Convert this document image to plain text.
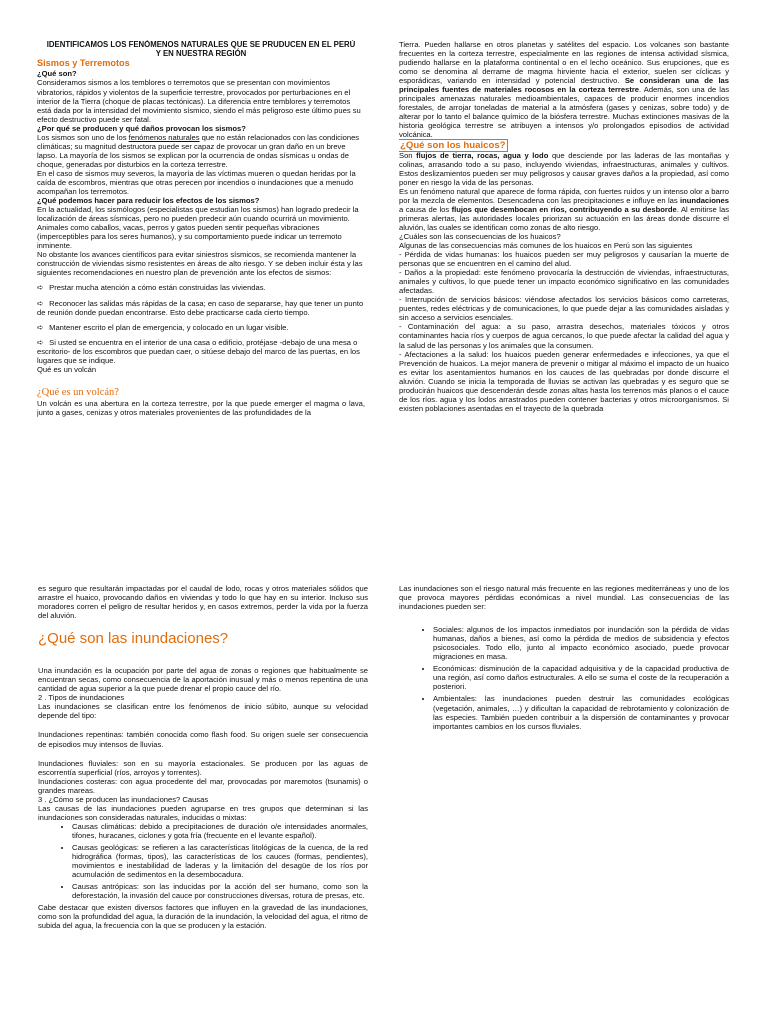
IDENTIFICAMOS LOS FENÓMENOS NATURALES QUE SE PRUDUCEN EN EL PERÚ Y EN NUESTRA REGIÓN

Sismos y Terremotos

¿Qué son?

Consideramos sismos a los temblores o terremotos que se presentan con movimientos vibratorios, rápidos y violentos de la superficie terrestre, provocados por perturbaciones en el interior de la Tierra (choque de placas tectónicas). La diferencia entre temblores y terremotos está dada por la intensidad del movimiento sísmico, siendo el más peligroso este último pues su efecto destructivo puede ser fatal.

¿Por qué se producen y qué daños provocan los sismos?

Los sismos son uno de los fenómenos naturales que no están relacionados con las condiciones climáticas; su magnitud destructora puede ser capaz de provocar un gran daño en un breve lapso. La mayoría de los sismos se explican por la ocurrencia de ondas sísmicas u ondas de choque, generadas por disturbios en la corteza terrestre.

En el caso de sismos muy severos, la mayoría de las víctimas mueren o quedan heridas por la caída de escombros, mientras que otras perecen por incendios o inundaciones que a menudo acompañan los terremotos.

¿Qué podemos hacer para reducir los efectos de los sismos?

En la actualidad, los sismólogos (especialistas que estudian los sismos) han logrado predecir la localización de áreas sísmicas, pero no pueden predecir aún cuando ocurrirá un movimiento. Animales como caballos, vacas, perros y gatos pueden sentir pequeñas vibraciones (imperceptibles para los seres humanos), y su comportamiento puede indicar un terremoto inminente.

No obstante los avances científicos para evitar siniestros sísmicos, se recomienda mantener la construcción de viviendas sismo resistentes en áreas de alto riesgo. Y se deben incluir ésta y las siguientes recomendaciones en nuestro plan de prevención ante los efectos de sismos:

➪ Prestar mucha atención a cómo están construidas las viviendas.

➪ Reconocer las salidas más rápidas de la casa; en caso de separarse, hay que tener un punto de reunión donde puedan encontrarse. Esto debe practicarse cada cierto tiempo.

➪ Mantener escrito el plan de emergencia, y colocado en un lugar visible.

➪ Si usted se encuentra en el interior de una casa o edificio, protéjase -debajo de una mesa o escritorio- de los escombros que puedan caer, o sitúese debajo del marco de las puertas, en los lugares que se indique.

Qué es un volcán

¿Qué es un volcán?

Un volcán es una abertura en la corteza terrestre, por la que puede emerger el magma o lava, junto a gases, cenizas y otros materiales provenientes de las profundidades de la

Tierra. Pueden hallarse en otros planetas y satélites del espacio. Los volcanes son bastante frecuentes en la corteza terrestre, especialmente en las regiones de intensa actividad sísmica, pudiendo hallarse en la plataforma continental o en el lecho oceánico. Sus erupciones, que es como se denomina al derrame de magma hirviente hacia el exterior, suelen ser cíclicas y esporádicas, variando en intensidad y potencial destructivo. Se consideran una de las principales fuentes de materiales rocosos en la corteza terrestre. Además, son una de las principales amenazas naturales medioambientales, capaces de producir enormes incendios forestales, de arrojar toneladas de material a la atmósfera (gases y cenizas, sobre todo) y de alterar por lo tanto el balance químico de la biósfera terrestre. Muchas extinciones masivas de la historia geológica terrestre se atribuyen a intensos y/o prolongados episodios de actividad volcánica.

¿Qué son los huaicos?

Son flujos de tierra, rocas, agua y lodo que desciende por las laderas de las montañas y colinas, arrasando todo a su paso, incluyendo viviendas, infraestructuras, animales y cultivos. Estos deslizamientos pueden ser muy peligrosos y causar graves daños a la propiedad, así como poner en riesgo la vida de las personas.

Es un fenómeno natural que aparece de forma rápida, con fuertes ruidos y un intenso olor a barro por la mezcla de elementos. Desencadena con las precipitaciones e influye en las inundaciones a causa de los flujos que desembocan en ríos, contribuyendo a su desborde. Al emitirse las primeras alertas, las autoridades locales priorizan su actuación en las áreas donde discurre el aluvión, las cuales se identifican como zonas de alto riesgo.

¿Cuáles son las consecuencias de los huaicos?

Algunas de las consecuencias más comunes de los huaicos en Perú son las siguientes

- Pérdida de vidas humanas: los huaicos pueden ser muy peligrosos y causarían la muerte de personas que se encuentren en el camino del alud.

- Daños a la propiedad: este fenómeno provocaría la destrucción de viviendas, infraestructuras, animales y cultivos, lo que puede tener un impacto económico significativo en las comunidades afectadas.

- Interrupción de servicios básicos: viéndose afectados los servicios básicos como carreteras, puentes, redes eléctricas y de comunicaciones, lo que puede dejar a las comunidades aisladas y sin acceso a servicios esenciales.

- Contaminación del agua: a su paso, arrastra desechos, materiales tóxicos y otros contaminantes hacia ríos y cuerpos de agua cercanos, lo que puede afectar la calidad del agua y la salud de las personas y los animales que la consumen.

- Afectaciones a la salud: los huaicos pueden generar enfermedades e infecciones, ya que el Prevención de huaicos. La mejor manera de prevenir o mitigar al máximo el impacto de un huaico es evitar los asentamientos humanos en los cauces de las quebradas por donde discurre el aluvión. Cuando se inicia la temporada de lluvias se activan las quebradas y es seguro que se producirán huaicos que descenderán desde zonas altas hasta los terrenos más planos o el cauce de los ríos. agua y los lodos arrastrados pueden contener bacterias y otros microorganismos. Si existen poblaciones asentadas en el trayecto de la quebrada

es seguro que resultarán impactadas por el caudal de lodo, rocas y otros materiales sólidos que arrastre el huaico, provocando daños en viviendas y todo lo que hay en su interior. Incluso sus moradores corren el peligro de resultar heridos y, en casos extremos, perder la vida por la fuerza del aluvión.

¿Qué son las inundaciones?

Una inundación es la ocupación por parte del agua de zonas o regiones que habitualmente se encuentran secas, como consecuencia de la aportación inusual y más o menos repentina de una cantidad de agua superior a la que puede drenar el propio cauce del río.

2 . Tipos de inundaciones

Las inundaciones se clasifican entre los fenómenos de inicio súbito, aunque su velocidad depende del tipo:

Inundaciones repentinas: también conocida como flash food. Su origen suele ser consecuencia de episodios muy intensos de lluvias.

Inundaciones fluviales: son en su mayoría estacionales. Se producen por las aguas de escorrentía superficial (ríos, arroyos y torrentes).

Inundaciones costeras: con agua procedente del mar, provocadas por maremotos (tsunamis) o grandes mareas.

3 . ¿Cómo se producen las inundaciones? Causas

Las causas de las inundaciones pueden agruparse en tres grupos que determinan si las inundaciones son consideradas naturales, inducidas o mixtas:

• Causas climáticas: debido a precipitaciones de duración o/e intensidades anormales, tifones, huracanes, ciclones y gota fría (frecuente en el levante español).
• Causas geológicas: se refieren a las características litológicas de la cuenca, de la red hidrográfica (formas, tipos), las características de los cauces (formas, pendientes), movimientos e inestabilidad de laderas y la limitación del desagüe de los ríos por acumulación de sedimentos en la desembocadura.
• Causas antrópicas: son las inducidas por la acción del ser humano, como son la deforestación, la invasión del cauce por construcciones diversas, rotura de presas, etc.

Cabe destacar que existen diversos factores que influyen en la gravedad de las inundaciones, como son la profundidad del agua, la duración de la inundación, la velocidad del agua, el ritmo de subida del agua, la frecuencia con la que se producen y la estación.

Las inundaciones son el riesgo natural más frecuente en las regiones mediterráneas y uno de los que provoca mayores pérdidas económicas a nivel mundial. Las consecuencias de las inundaciones pueden ser:

• Sociales: algunos de los impactos inmediatos por inundación son la pérdida de vidas humanas, daños a bienes, así como la pérdida de medios de subsidencia y efectos psicosociales. Todo ello, junto al impacto económico asociado, puede provocar migraciones en masa.
• Económicas: disminución de la capacidad adquisitiva y de la capacidad productiva de una región, así como daños estructurales. A ello se suma el coste de la recuperación a posteriori.
• Ambientales: las inundaciones pueden destruir las comunidades ecológicas (vegetación, animales, …) y dificultan la capacidad de rebrotamiento y colonización de las especies. También pueden contribuir a la dispersión de contaminantes y provocar importantes cambios en los cursos fluviales.
